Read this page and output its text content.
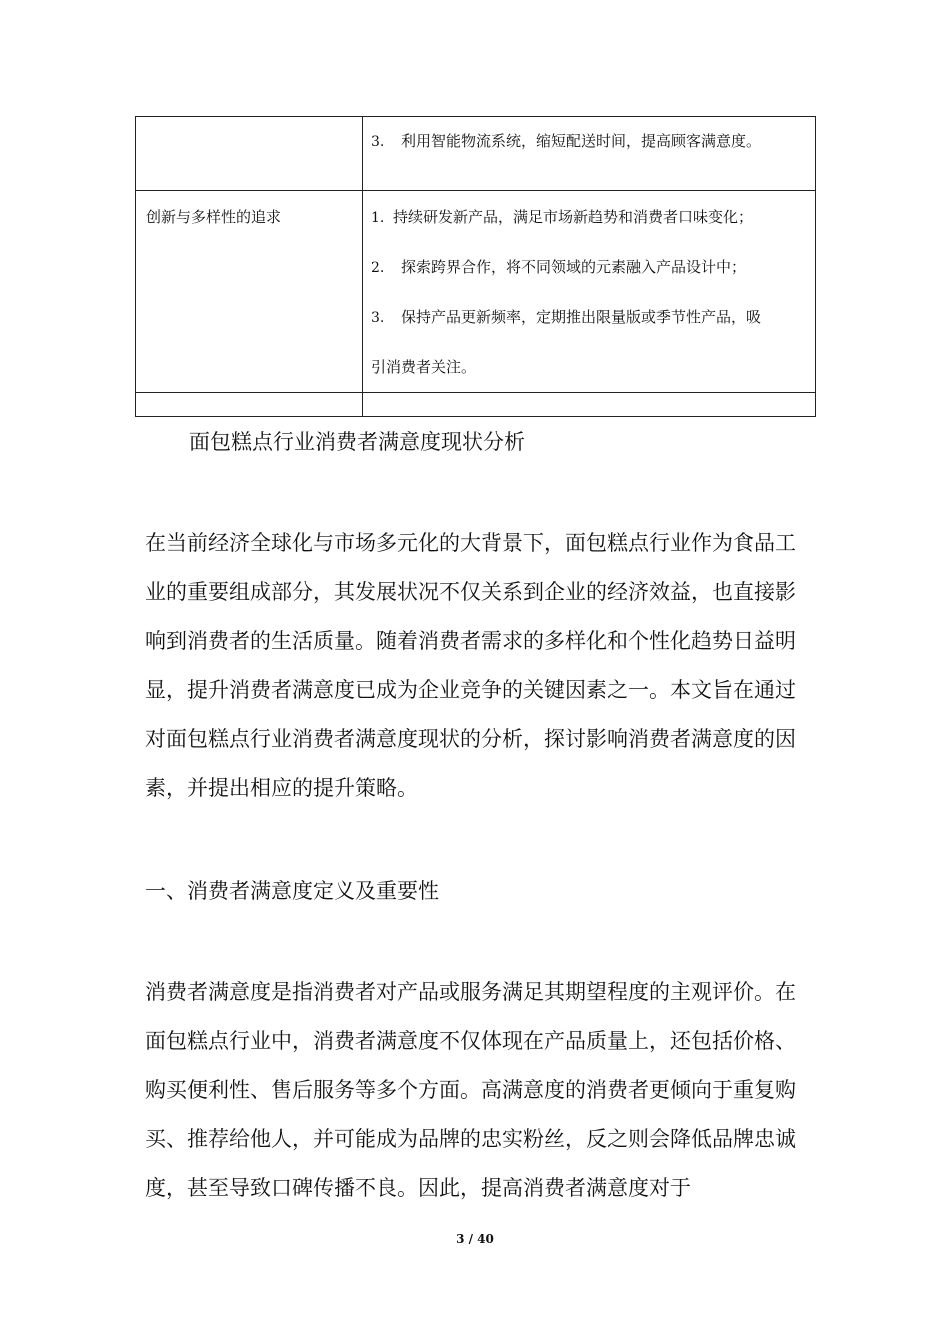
3. 利用智能物流系统，缩短配送时间，提高顾客满意度。
创新与多样性的追求	1. 持续研发新产品，满足市场新趋势和消费者口味变化；
2. 探索跨界合作，将不同领域的元素融入产品设计中；
3. 保持产品更新频率，定期推出限量版或季节性产品，吸
引消费者关注。
面包糕点行业消费者满意度现状分析

在当前经济全球化与市场多元化的大背景下，面包糕点行业作为食品工业的重要组成部分，其发展状况不仅关系到企业的经济效益，也直接影响到消费者的生活质量。随着消费者需求的多样化和个性化趋势日益明显，提升消费者满意度已成为企业竞争的关键因素之一。本文旨在通过对面包糕点行业消费者满意度现状的分析，探讨影响消费者满意度的因素，并提出相应的提升策略。

一、消费者满意度定义及重要性

消费者满意度是指消费者对产品或服务满足其期望程度的主观评价。在面包糕点行业中，消费者满意度不仅体现在产品质量上，还包括价格、购买便利性、售后服务等多个方面。高满意度的消费者更倾向于重复购买、推荐给他人，并可能成为品牌的忠实粉丝，反之则会降低品牌忠诚度，甚至导致口碑传播不良。因此，提高消费者满意度对于

3 / 40
